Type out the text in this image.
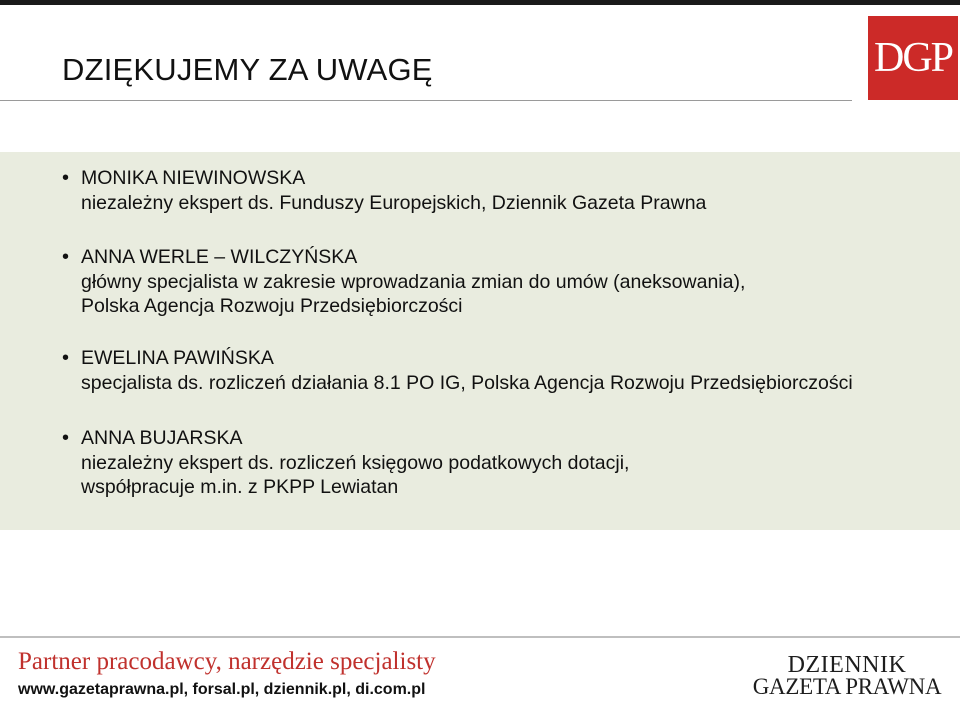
DZIĘKUJEMY ZA UWAGĘ	DGP
• MONIKA NIEWINOWSKA
niezależny ekspert ds. Funduszy Europejskich, Dziennik Gazeta Prawna
• ANNA WERLE – WILCZYŃSKA
główny specjalista w zakresie wprowadzania zmian do umów (aneksowania),
Polska Agencja Rozwoju Przedsiębiorczości
• EWELINA PAWIŃSKA
specjalista ds. rozliczeń działania 8.1 PO IG, Polska Agencja Rozwoju Przedsiębiorczości
• ANNA BUJARSKA
niezależny ekspert ds. rozliczeń księgowo podatkowych dotacji,
współpracuje m.in. z PKPP Lewiatan
Partner pracodawcy, narzędzie specjalisty
www.gazetaprawna.pl, forsal.pl, dziennik.pl, di.com.pl
DZIENNIK
GAZETA PRAWNA
